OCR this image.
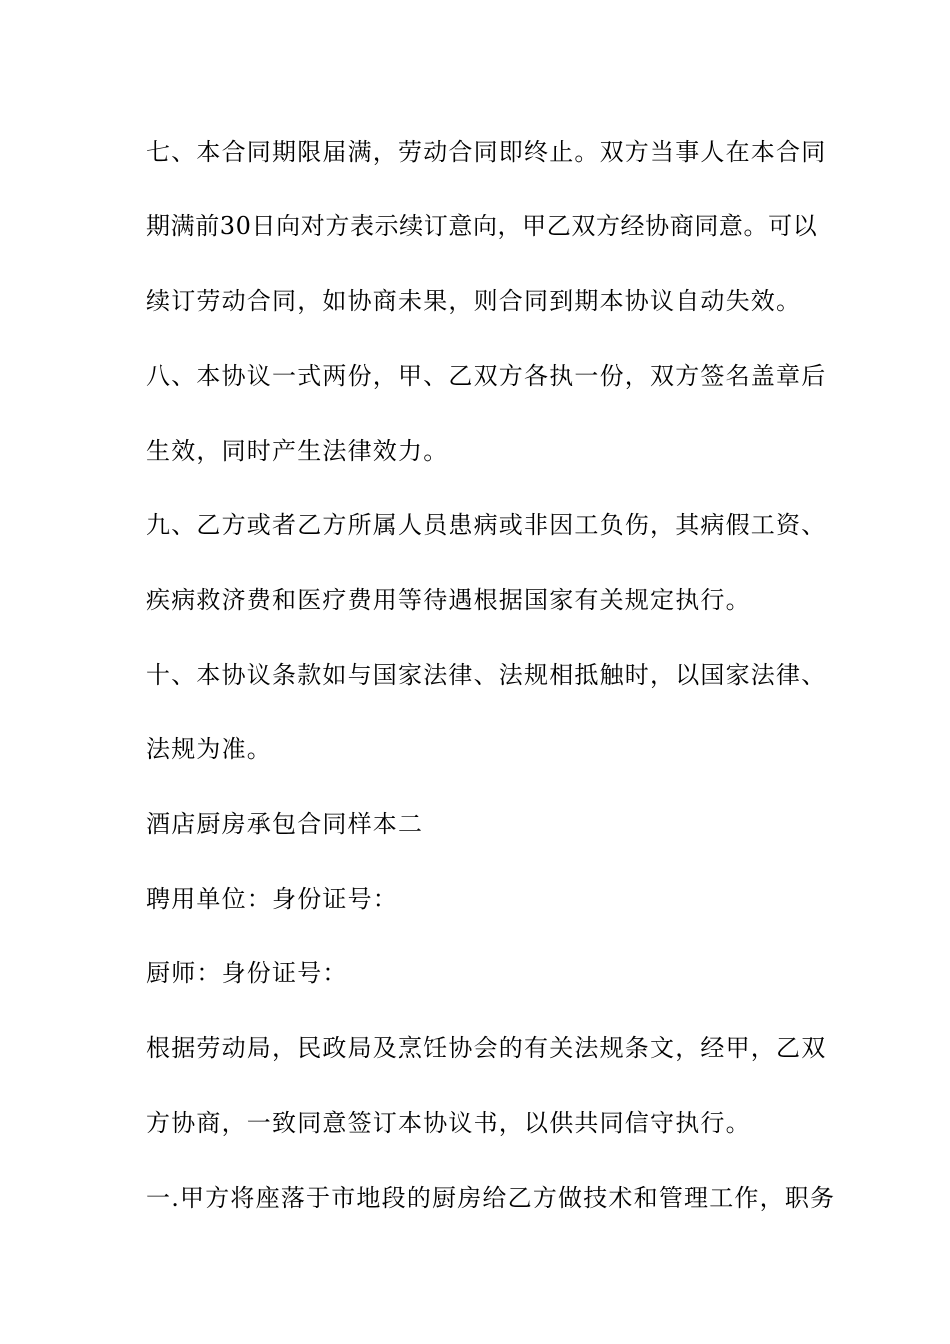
七、本合同期限届满，劳动合同即终止。双方当事人在本合同
期满前30日向对方表示续订意向，甲乙双方经协商同意。可以
续订劳动合同，如协商未果，则合同到期本协议自动失效。
八、本协议一式两份，甲、乙双方各执一份，双方签名盖章后
生效，同时产生法律效力。
九、乙方或者乙方所属人员患病或非因工负伤，其病假工资、
疾病救济费和医疗费用等待遇根据国家有关规定执行。
十、本协议条款如与国家法律、法规相抵触时，以国家法律、
法规为准。
酒店厨房承包合同样本二
聘用单位：身份证号：
厨师：身份证号：
根据劳动局，民政局及烹饪协会的有关法规条文，经甲，乙双
方协商，一致同意签订本协议书，以供共同信守执行。
一.甲方将座落于市地段的厨房给乙方做技术和管理工作，职务
